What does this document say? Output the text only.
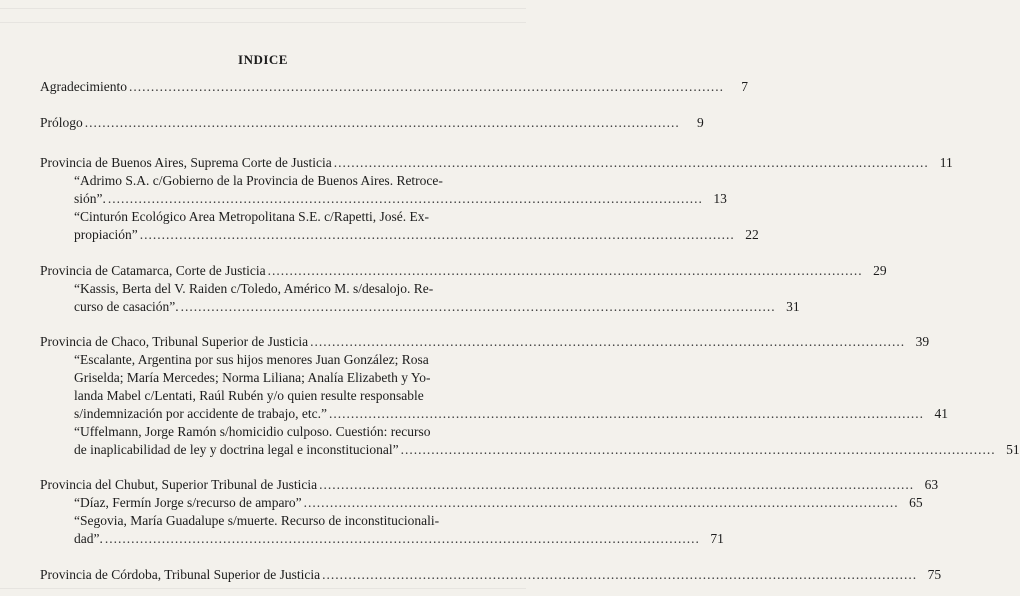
INDICE
Agradecimiento ........................................................................................................................................	7
Prólogo ........................................................................................................................................	9
Provincia de Buenos Aires, Suprema Corte de Justicia ........................................................................................................................................ 11
“Adrimo S.A. c/Gobierno de la Provincia de Buenos Aires. Retroce-
sión”. ........................................................................................................................................ 13
“Cinturón Ecológico Area Metropolitana S.E. c/Rapetti, José. Ex-
propiación” ........................................................................................................................................ 22
Provincia de Catamarca, Corte de Justicia ........................................................................................................................................ 29
“Kassis, Berta del V. Raiden c/Toledo, Américo M. s/desalojo. Re-
curso de casación”. ........................................................................................................................................ 31
Provincia de Chaco, Tribunal Superior de Justicia ........................................................................................................................................ 39
“Escalante, Argentina por sus hijos menores Juan González; Rosa
Griselda; María Mercedes; Norma Liliana; Analía Elizabeth y Yo-
landa Mabel c/Lentati, Raúl Rubén y/o quien resulte responsable
s/indemnización por accidente de trabajo, etc.” ........................................................................................................................................ 41
“Uffelmann, Jorge Ramón s/homicidio culposo. Cuestión: recurso
de inaplicabilidad de ley y doctrina legal e inconstitucional” ........................................................................................................................................ 51
Provincia del Chubut, Superior Tribunal de Justicia ........................................................................................................................................ 63
“Díaz, Fermín Jorge s/recurso de amparo” ........................................................................................................................................ 65
“Segovia, María Guadalupe s/muerte. Recurso de inconstitucionali-
dad”. ........................................................................................................................................ 71
Provincia de Córdoba, Tribunal Superior de Justicia ........................................................................................................................................ 75
